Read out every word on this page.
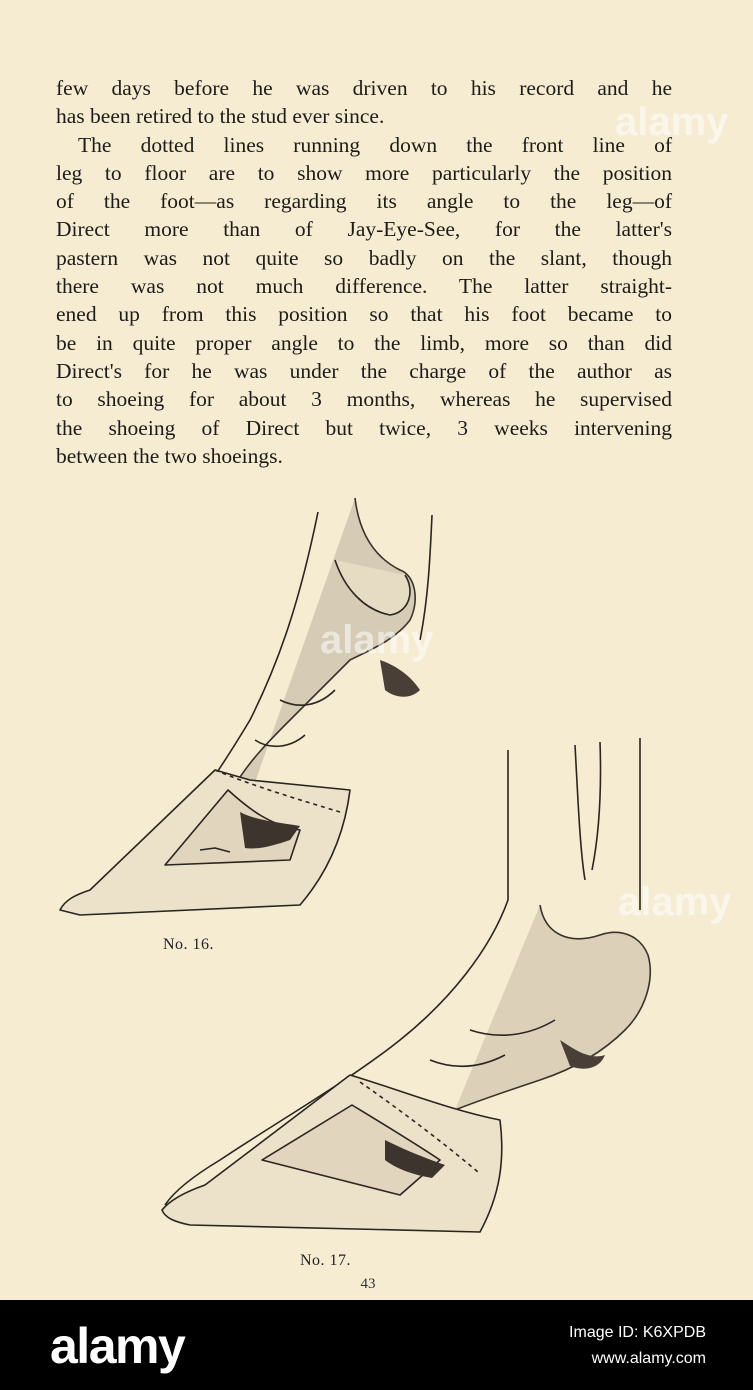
few days before he was driven to his record and he

has been retired to the stud ever since.

The dotted lines running down the front line of

leg to floor are to show more particularly the position

of the foot—as regarding its angle to the leg—of

Direct more than of Jay-Eye-See, for the latter's

pastern was not quite so badly on the slant, though

there was not much difference. The latter straight-

ened up from this position so that his foot became to

be in quite proper angle to the limb, more so than did

Direct's for he was under the charge of the author as

to shoeing for about 3 months, whereas he supervised

the shoeing of Direct but twice, 3 weeks intervening

between the two shoeings.

No. 16.
No. 17.
43
alamy
alamy
alamy
alamy	Image ID: K6XPDB
www.alamy.com
